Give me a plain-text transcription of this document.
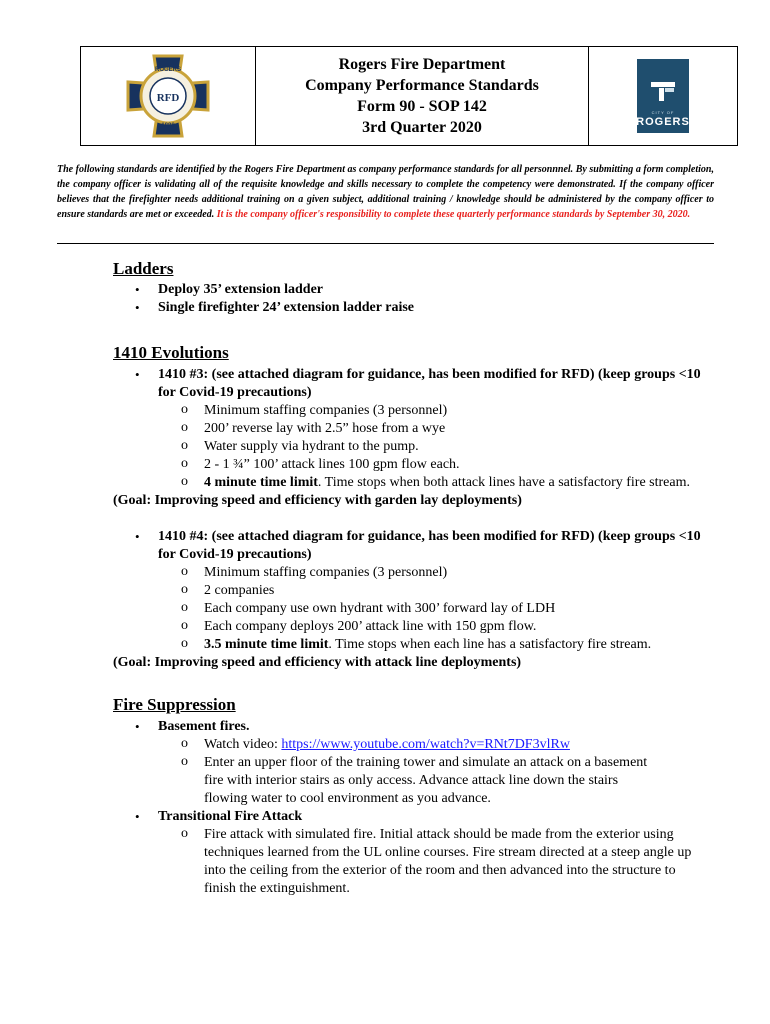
ROGERS
1888
RFD
Rogers Fire Department
Company Performance Standards
Form 90 - SOP 142
3rd Quarter 2020
CITY OF
ROGERS
The following standards are identified by the Rogers Fire Department as company performance standards for all personnnel. By submitting a form completion, the company officer is validating all of the requisite knowledge and skills necessary to complete the competency were demonstrated. If the company officer believes that the firefighter needs additional training on a given subject, additional training / knowledge should be administered by the company officer to ensure standards are met or exceeded. It is the company officer's responsibility to complete these quarterly performance standards by September 30, 2020.
Ladders
• Deploy 35’ extension ladder
• Single firefighter 24’ extension ladder raise
1410 Evolutions
• 1410 #3: (see attached diagram for guidance, has been modified for RFD) (keep groups <10
for Covid-19 precautions)
o Minimum staffing companies (3 personnel)
o 200’ reverse lay with 2.5” hose from a wye
o Water supply via hydrant to the pump.
o 2 - 1 ¾” 100’ attack lines 100 gpm flow each.
o 4 minute time limit. Time stops when both attack lines have a satisfactory fire stream.
(Goal: Improving speed and efficiency with garden lay deployments)
• 1410 #4: (see attached diagram for guidance, has been modified for RFD) (keep groups <10
for Covid-19 precautions)
o Minimum staffing companies (3 personnel)
o 2 companies
o Each company use own hydrant with 300’ forward lay of LDH
o Each company deploys 200’ attack line with 150 gpm flow.
o 3.5 minute time limit. Time stops when each line has a satisfactory fire stream.
(Goal: Improving speed and efficiency with attack line deployments)
Fire Suppression
• Basement fires.
o Watch video: https://www.youtube.com/watch?v=RNt7DF3vlRw
o Enter an upper floor of the training tower and simulate an attack on a basement
fire with interior stairs as only access. Advance attack line down the stairs
flowing water to cool environment as you advance.
• Transitional Fire Attack
o Fire attack with simulated fire. Initial attack should be made from the exterior using
techniques learned from the UL online courses. Fire stream directed at a steep angle up
into the ceiling from the exterior of the room and then advanced into the structure to
finish the extinguishment.
